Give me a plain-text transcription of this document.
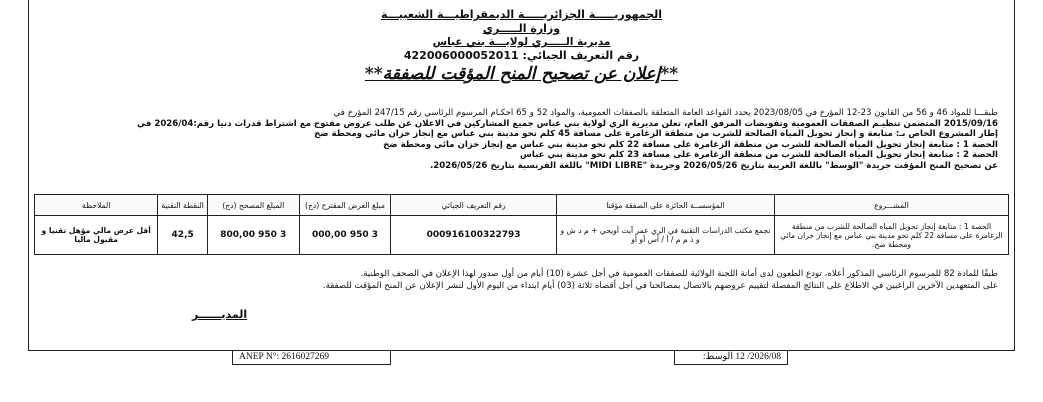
الجمهوريـــــة الجزائريـــــة الديمقراطيـــة الشعبيـــة
وزارة الـــــري
مديرية الـــــري لولايـــة بني عباس
رقم التعريف الجبائي: 422006000052011
**إعلان عن تصحيح المنح المؤقت للصفقة**
طبقـــا للمواد 46 و 56 من القانون 23-12 المؤرخ في 2023/08/05 يحدد القواعد العامة المتعلقة بالصفقات العمومية، والمواد 52 و 65 أحكـام المرسوم الرئاسي رقم 247/15 المؤرخ في
2015/09/16 المتضمن تنظيـم الصفقات العمومية وتفويضات المرفق العام، تعلن مديرية الري لولاية بني عباس جميع المشاركين في الاعلان عن طلب عروض مفتوح مع اشتراط قدرات دنيا رقم:2026/04 في
إطار المشروع الخاص بـ: متابعة و إنجاز تحويل المياه الصالحة للشرب من منطقة الزغامرة على مسافة 45 كلم نحو مدينة بني عباس مع إنجاز خزان مائي ومحطة ضخ
الحصة 1 : متابعة إنجاز تحويل المياه الصالحة للشرب من منطقة الزغامرة على مسافة 22 كلم نحو مدينة بني عباس مع إنجاز خزان مائي ومحطة ضخ
الحصة 2 : متابعة إنجاز تحويل المياه الصالحة للشرب من منطقة الزغامرة على مسافة 23 كلم نحو مدينة بني عباس
عن تصحيح المنح المؤقت جريدة "الوسط" باللغة العربية بتاريخ 2026/05/26 وجريدة "MIDI LIBRE" باللغة الفرنسية بتاريخ 2026/05/26.
المشـــروع	المؤسســة الحائزة على الصفقة مؤقتا	رقم التعريف الجبائي	مبلغ العرض المقترح (دج)	المبلغ المصحح (دج)	النقطة التقنية	الملاحظة
الحصة 1 : متابعة إنجاز تحويل المياه الصالحة للشرب من منطقة الزغامرة على مسافة 22 كلم نحو مدينة بني عباس مع إنجاز خزان مائي ومحطة ضخ.	تجمع مكتب الدراسات التقنية في الري عمر آيت أويحي + م د ش و و ذ م م / أ / أس أو أو	000916100322793	3 950 000,00	3 950 800,00	42,5	أقل عرض مالي مؤهل تقنيا و مقبول ماليا
طبقًا للمادة 82 للمرسوم الرئاسي المذكور أعلاه، تودع الطعون لدى أمانة اللجنة الولائية للصفقات العمومية في أجل عشرة (10) أيام من أول صدور لهذا الإعلان في الصحف الوطنية.
على المتعهدين الآخرين الراغبين في الاطلاع على النتائج المفصلة لتقييم عروضهم بالاتصال بمصالحنا في أجل أقصاه ثلاثة (03) أيام ابتداء من اليوم الأول لنشر الإعلان عن المنح المؤقت للصفقة.
المديــــــر
ANEP N°: 2616027269	2026/08/ 12 الوسط:
